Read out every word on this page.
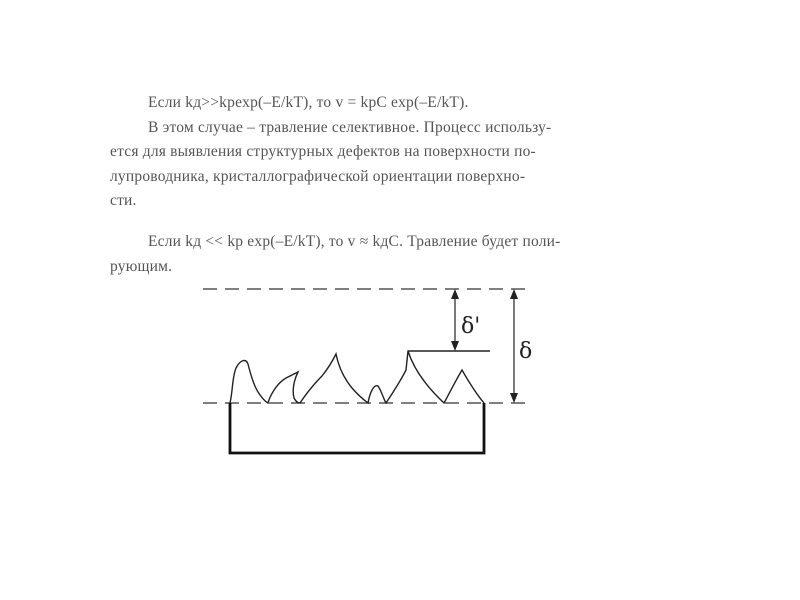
Если kд>>kрexp(–E/kT), то v = kрC exp(–E/kT).
В этом случае – травление селективное. Процесс использу-
ется для выявления структурных дефектов на поверхности по-
лупроводника, кристаллографической ориентации поверхно-
сти.
Если kд << kр exp(–E/kT), то v ≈ kдC. Травление будет поли-
рующим.
δ'
δ
